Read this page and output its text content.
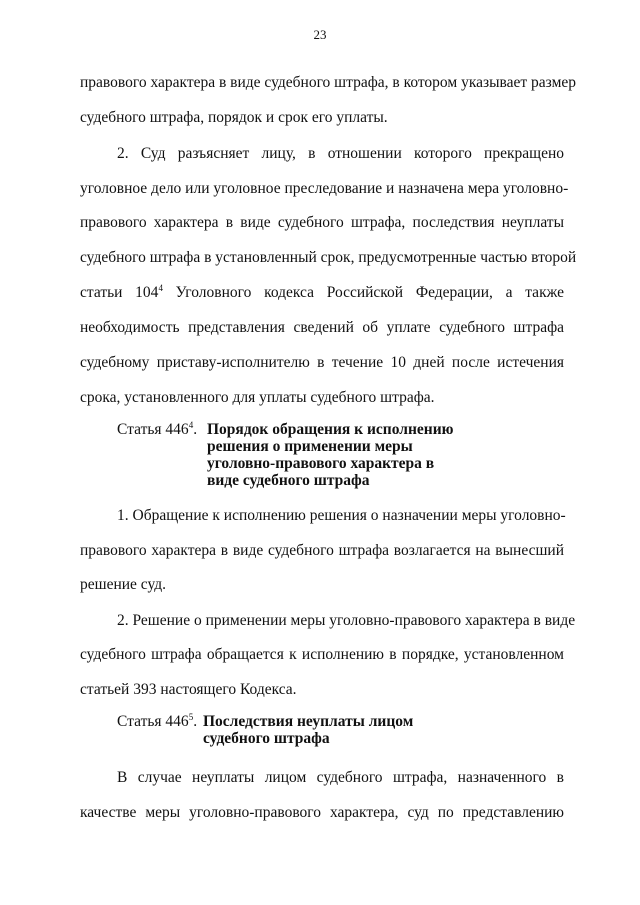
23
правового характера в виде судебного штрафа, в котором указывает размер
судебного штрафа, порядок и срок его уплаты.
2. Суд разъясняет лицу, в отношении которого прекращено
уголовное дело или уголовное преследование и назначена мера уголовно-
правового характера в виде судебного штрафа, последствия неуплаты
судебного штрафа в установленный срок, предусмотренные частью второй
статьи $104^4$ Уголовного кодекса Российской Федерации, а также
необходимость представления сведений об уплате судебного штрафа
судебному приставу-исполнителю в течение 10 дней после истечения
срока, установленного для уплаты судебного штрафа.
Статья $446^4$. Порядок обращения к исполнению
решения о применении меры
уголовно-правового характера в
виде судебного штрафа
1. Обращение к исполнению решения о назначении меры уголовно-
правового характера в виде судебного штрафа возлагается на вынесший
решение суд.
2. Решение о применении меры уголовно-правового характера в виде
судебного штрафа обращается к исполнению в порядке, установленном
статьей 393 настоящего Кодекса.
Статья $446^5$. Последствия неуплаты лицом
судебного штрафа
В случае неуплаты лицом судебного штрафа, назначенного в
качестве меры уголовно-правового характера, суд по представлению
